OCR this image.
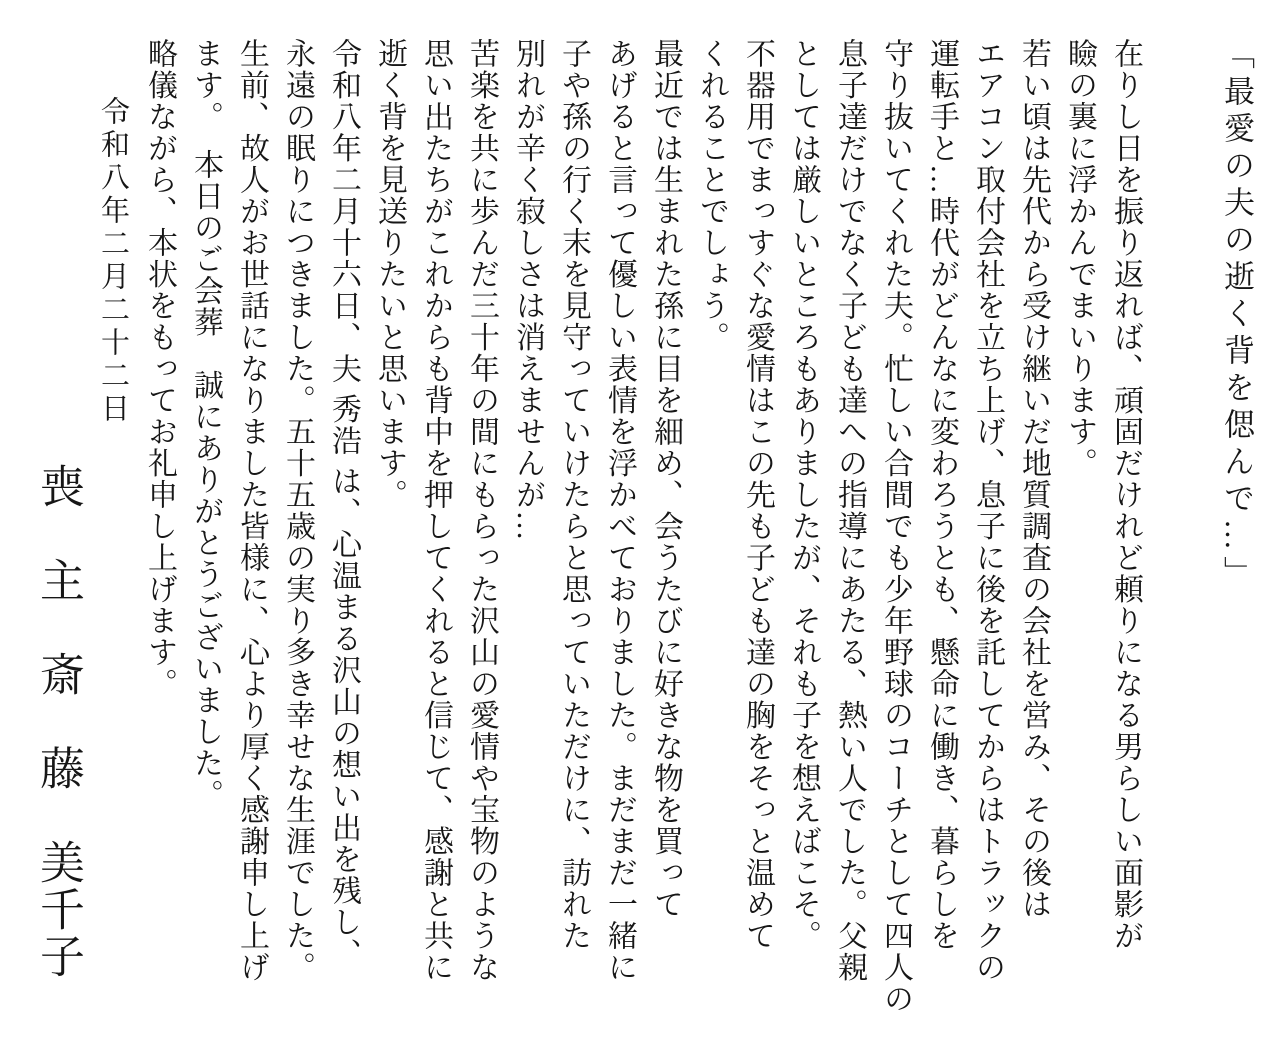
「最愛の夫の逝く背を偲んで…」
在りし日を振り返れば、頑固だけれど頼りになる男らしい面影が
瞼の裏に浮かんでまいります。
若い頃は先代から受け継いだ地質調査の会社を営み、その後は
エアコン取付会社を立ち上げ、息子に後を託してからはトラックの
運転手と…時代がどんなに変わろうとも、懸命に働き、暮らしを
守り抜いてくれた夫。忙しい合間でも少年野球のコーチとして四人の
息子達だけでなく子ども達への指導にあたる、熱い人でした。父親
としては厳しいところもありましたが、それも子を想えばこそ。
不器用でまっすぐな愛情はこの先も子ども達の胸をそっと温めて
くれることでしょう。
最近では生まれた孫に目を細め、会うたびに好きな物を買って
あげると言って優しい表情を浮かべておりました。まだまだ一緒に
子や孫の行く末を見守っていけたらと思っていただけに、訪れた
別れが辛く寂しさは消えませんが…
苦楽を共に歩んだ三十年の間にもらった沢山の愛情や宝物のような
思い出たちがこれからも背中を押してくれると信じて、感謝と共に
逝く背を見送りたいと思います。
令和八年二月十六日、夫 秀浩 は、心温まる沢山の想い出を残し、
永遠の眠りにつきました。五十五歳の実り多き幸せな生涯でした。
生前、故人がお世話になりました皆様に、心より厚く感謝申し上げ
ます。　本日のご会葬　誠にありがとうございました。
略儀ながら、本状をもってお礼申し上げます。
令和八年二月二十二日
喪　主　斎　藤　美千子
